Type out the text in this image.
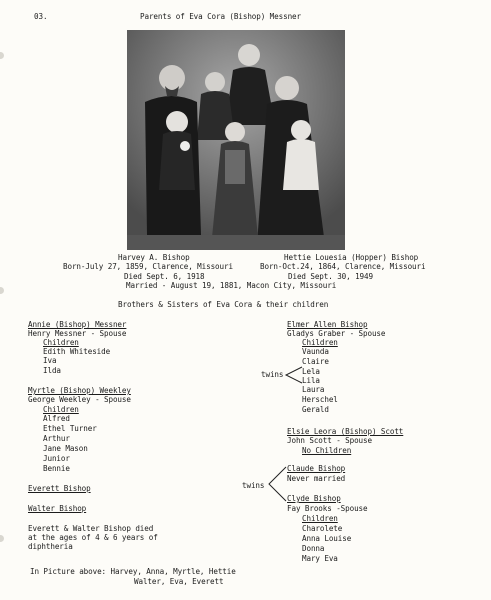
03.	Parents of Eva Cora (Bishop) Messner
Harvey A. Bishop
Born-July 27, 1859, Clarence, Missouri
Died Sept. 6, 1918
Hettie Louesia (Hopper) Bishop
Born-Oct.24, 1864, Clarence, Missouri
Died Sept. 30, 1949
Married - August 19, 1881, Macon City, Missouri
Brothers & Sisters of Eva Cora & their children
Annie (Bishop) Messner
Henry Messner - Spouse
Children
Edith Whiteside
Iva
Ilda
Myrtle (Bishop) Weekley
George Weekley - Spouse
Children
Alfred
Ethel Turner
Arthur
Jane Mason
Junior
Bennie
Everett Bishop
Walter Bishop
Everett & Walter Bishop died
at the ages of 4 & 6 years of
diphtheria
In Picture above: Harvey, Anna, Myrtle, Hettie
Walter, Eva, Everett
Elmer Allen Bishop
Gladys Graber - Spouse
Children
Vaunda
Claire
Lela
Lila
Laura
Herschel
Gerald
twins
Elsie Leora (Bishop) Scott
John Scott - Spouse
No Children
twins
Claude Bishop
Never married
Clyde Bishop
Fay Brooks -Spouse
Children
Charolete
Anna Louise
Donna
Mary Eva
